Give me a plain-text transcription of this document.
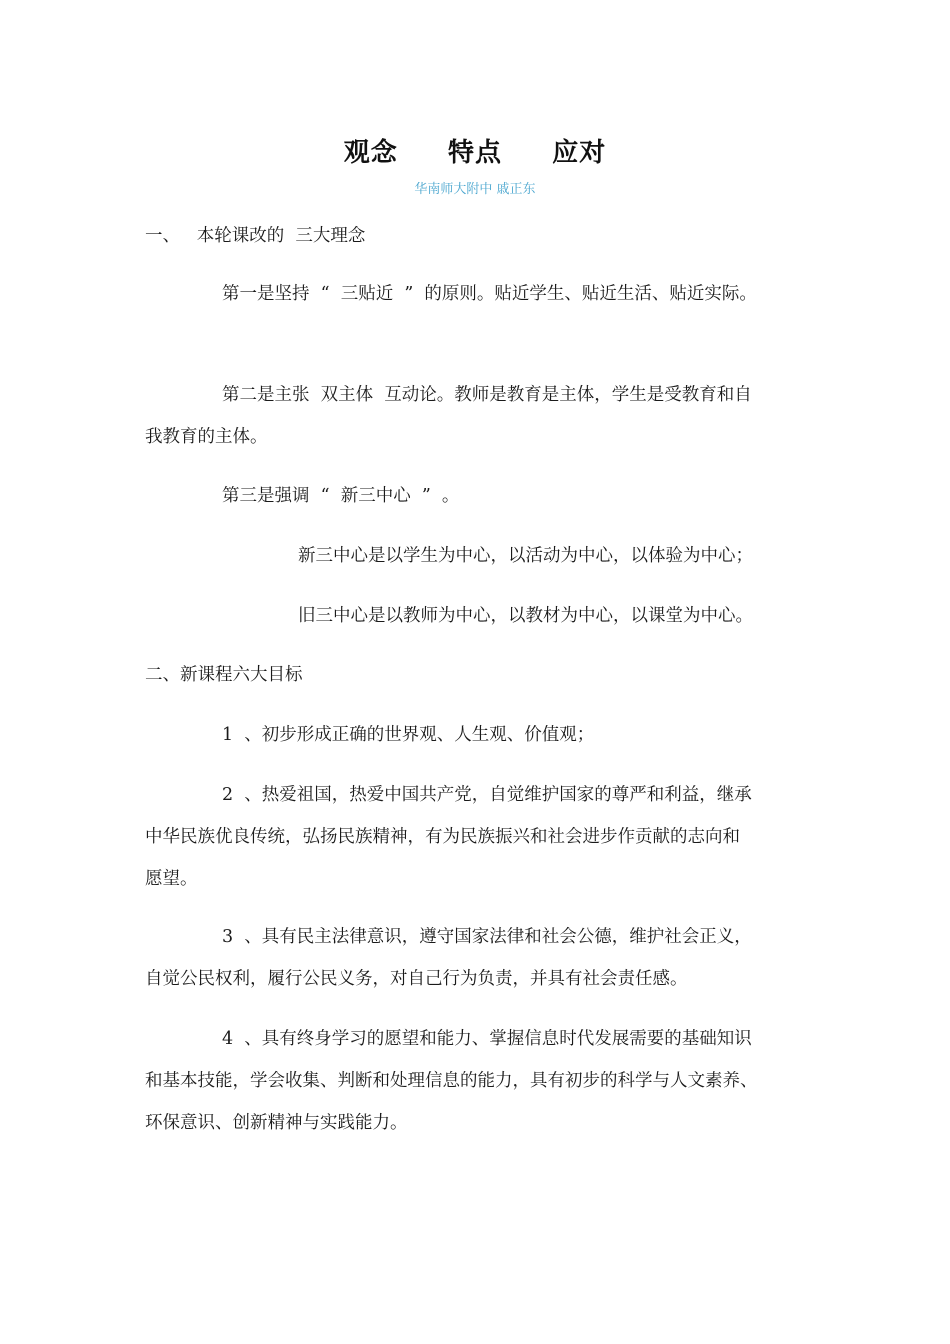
观念     特点     应对
华南师大附中 戚正东
一、   本轮课改的  三大理念
第一是坚持  “  三贴近  ”  的原则。贴近学生、贴近生活、贴近实际。
第二是主张  双主体  互动论。教师是教育是主体，学生是受教育和自
我教育的主体。
第三是强调  “  新三中心  ”  。
新三中心是以学生为中心，以活动为中心，以体验为中心；
旧三中心是以教师为中心，以教材为中心，以课堂为中心。
二、新课程六大目标
1  、初步形成正确的世界观、人生观、价值观；
2  、热爱祖国，热爱中国共产党，自觉维护国家的尊严和利益，继承
中华民族优良传统，弘扬民族精神，有为民族振兴和社会进步作贡献的志向和
愿望。
3  、具有民主法律意识，遵守国家法律和社会公德，维护社会正义，
自觉公民权利，履行公民义务，对自己行为负责，并具有社会责任感。
4  、具有终身学习的愿望和能力、掌握信息时代发展需要的基础知识
和基本技能，学会收集、判断和处理信息的能力，具有初步的科学与人文素养、
环保意识、创新精神与实践能力。
